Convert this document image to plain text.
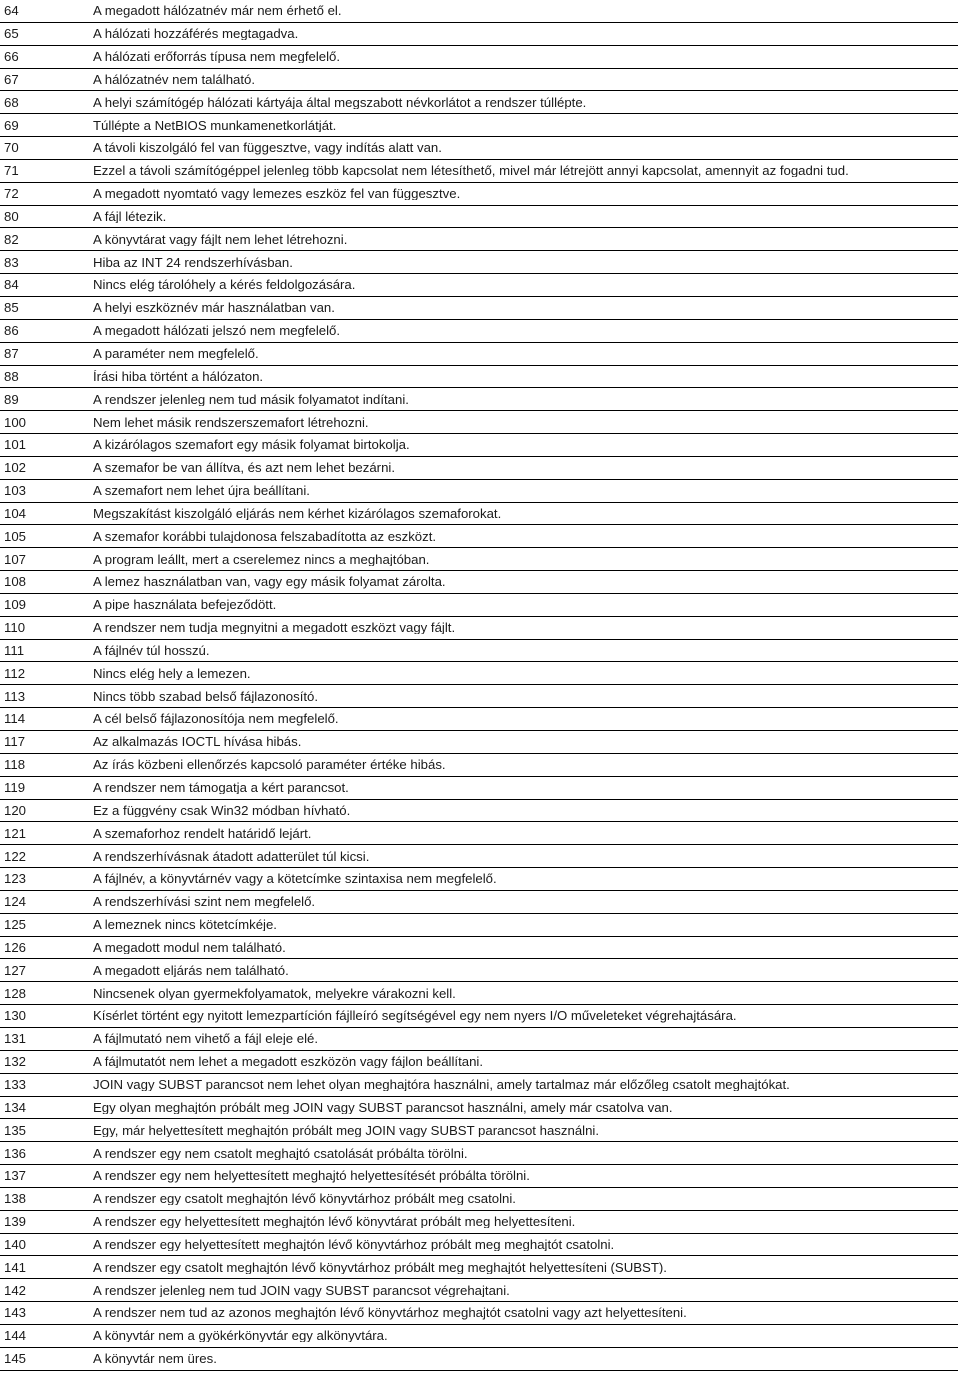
64	A megadott hálózatnév már nem érhető el.
65	A hálózati hozzáférés megtagadva.
66	A hálózati erőforrás típusa nem megfelelő.
67	A hálózatnév nem található.
68	A helyi számítógép hálózati kártyája által megszabott névkorlátot a rendszer túllépte.
69	Túllépte a NetBIOS munkamenetkorlátját.
70	A távoli kiszolgáló fel van függesztve, vagy indítás alatt van.
71	Ezzel a távoli számítógéppel jelenleg több kapcsolat nem létesíthető, mivel már létrejött annyi kapcsolat, amennyit az fogadni tud.
72	A megadott nyomtató vagy lemezes eszköz fel van függesztve.
80	A fájl létezik.
82	A könyvtárat vagy fájlt nem lehet létrehozni.
83	Hiba az INT 24 rendszerhívásban.
84	Nincs elég tárolóhely a kérés feldolgozására.
85	A helyi eszköznév már használatban van.
86	A megadott hálózati jelszó nem megfelelő.
87	A paraméter nem megfelelő.
88	Írási hiba történt a hálózaton.
89	A rendszer jelenleg nem tud másik folyamatot indítani.
100	Nem lehet másik rendszerszemafort létrehozni.
101	A kizárólagos szemafort egy másik folyamat birtokolja.
102	A szemafor be van állítva, és azt nem lehet bezárni.
103	A szemafort nem lehet újra beállítani.
104	Megszakítást kiszolgáló eljárás nem kérhet kizárólagos szemaforokat.
105	A szemafor korábbi tulajdonosa felszabadította az eszközt.
107	A program leállt, mert a cserelemez nincs a meghajtóban.
108	A lemez használatban van, vagy egy másik folyamat zárolta.
109	A pipe használata befejeződött.
110	A rendszer nem tudja megnyitni a megadott eszközt vagy fájlt.
111	A fájlnév túl hosszú.
112	Nincs elég hely a lemezen.
113	Nincs több szabad belső fájlazonosító.
114	A cél belső fájlazonosítója nem megfelelő.
117	Az alkalmazás IOCTL hívása hibás.
118	Az írás közbeni ellenőrzés kapcsoló paraméter értéke hibás.
119	A rendszer nem támogatja a kért parancsot.
120	Ez a függvény csak Win32 módban hívható.
121	A szemaforhoz rendelt határidő lejárt.
122	A rendszerhívásnak átadott adatterület túl kicsi.
123	A fájlnév, a könyvtárnév vagy a kötetcímke szintaxisa nem megfelelő.
124	A rendszerhívási szint nem megfelelő.
125	A lemeznek nincs kötetcímkéje.
126	A megadott modul nem található.
127	A megadott eljárás nem található.
128	Nincsenek olyan gyermekfolyamatok, melyekre várakozni kell.
130	Kísérlet történt egy nyitott lemezpartíción fájlleíró segítségével egy nem nyers I/O műveleteket végrehajtására.
131	A fájlmutató nem vihető a fájl eleje elé.
132	A fájlmutatót nem lehet a megadott eszközön vagy fájlon beállítani.
133	JOIN vagy SUBST parancsot nem lehet olyan meghajtóra használni, amely tartalmaz már előzőleg csatolt meghajtókat.
134	Egy olyan meghajtón próbált meg JOIN vagy SUBST parancsot használni, amely már csatolva van.
135	Egy, már helyettesített meghajtón próbált meg JOIN vagy SUBST parancsot használni.
136	A rendszer egy nem csatolt meghajtó csatolását próbálta törölni.
137	A rendszer egy nem helyettesített meghajtó helyettesítését próbálta törölni.
138	A rendszer egy csatolt meghajtón lévő könyvtárhoz próbált meg csatolni.
139	A rendszer egy helyettesített meghajtón lévő könyvtárat próbált meg helyettesíteni.
140	A rendszer egy helyettesített meghajtón lévő könyvtárhoz próbált meg meghajtót csatolni.
141	A rendszer egy csatolt meghajtón lévő könyvtárhoz próbált meg meghajtót helyettesíteni (SUBST).
142	A rendszer jelenleg nem tud JOIN vagy SUBST parancsot végrehajtani.
143	A rendszer nem tud az azonos meghajtón lévő könyvtárhoz meghajtót csatolni vagy azt helyettesíteni.
144	A könyvtár nem a gyökérkönyvtár egy alkönyvtára.
145	A könyvtár nem üres.
